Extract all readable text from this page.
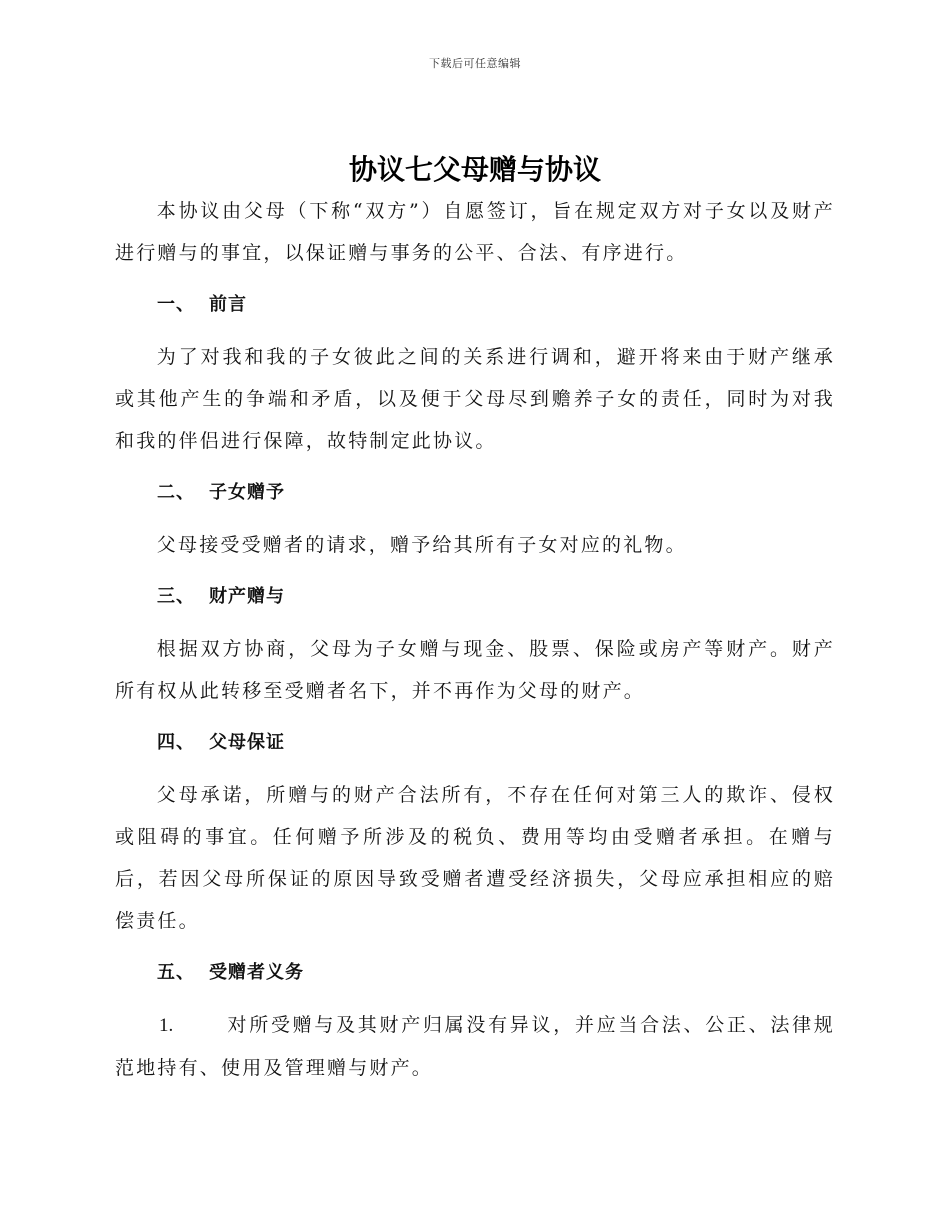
下载后可任意编辑
协议七父母赠与协议

本协议由父母（下称“双方”）自愿签订，旨在规定双方对子女以及财产进行赠与的事宜，以保证赠与事务的公平、合法、有序进行。

一、 前言

为了对我和我的子女彼此之间的关系进行调和，避开将来由于财产继承或其他产生的争端和矛盾，以及便于父母尽到赡养子女的责任，同时为对我和我的伴侣进行保障，故特制定此协议。

二、 子女赠予

父母接受受赠者的请求，赠予给其所有子女对应的礼物。

三、 财产赠与

根据双方协商，父母为子女赠与现金、股票、保险或房产等财产。财产所有权从此转移至受赠者名下，并不再作为父母的财产。

四、 父母保证

父母承诺，所赠与的财产合法所有，不存在任何对第三人的欺诈、侵权或阻碍的事宜。任何赠予所涉及的税负、费用等均由受赠者承担。在赠与后，若因父母所保证的原因导致受赠者遭受经济损失，父母应承担相应的赔偿责任。

五、 受赠者义务

1.	对所受赠与及其财产归属没有异议，并应当合法、公正、法律规范地持有、使用及管理赠与财产。
